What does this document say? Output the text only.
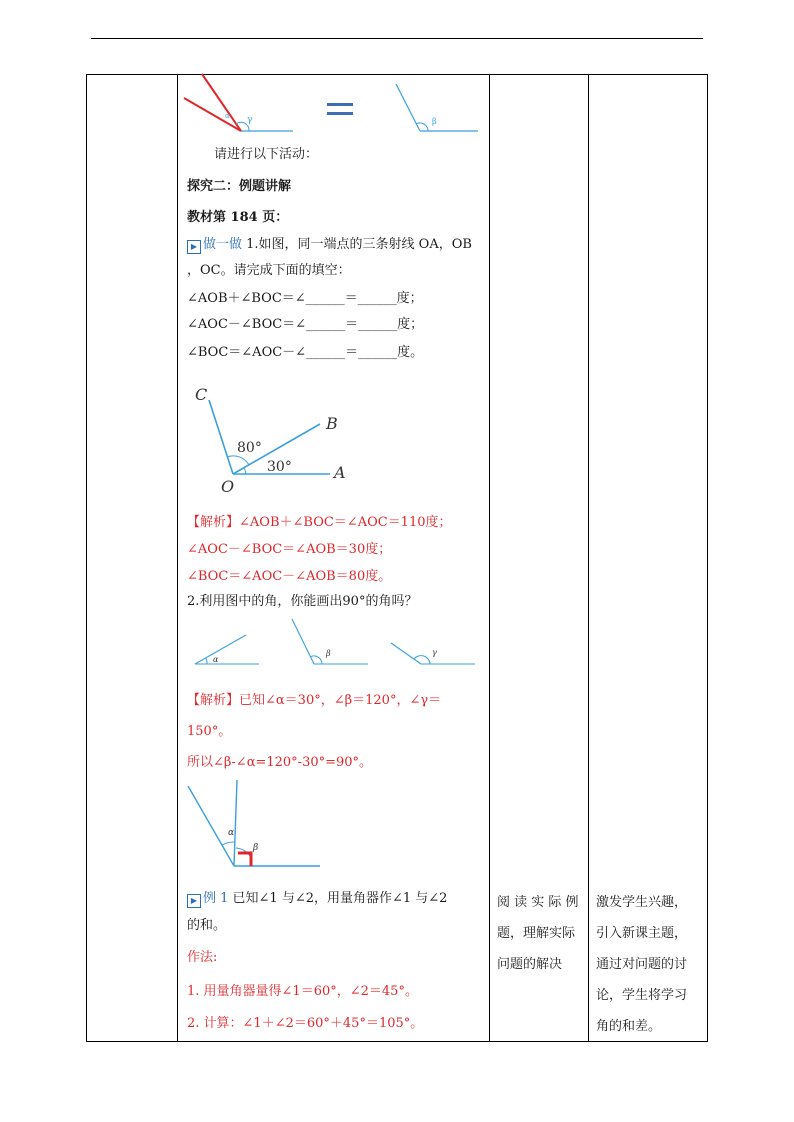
α γ	β
请进行以下活动：
探究二：例题讲解
教材第 184 页：
▶ 做一做 1.如图，同一端点的三条射线 OA，OB
，OC。请完成下面的填空：
∠AOB＋∠BOC＝∠______＝______度；
∠AOC－∠BOC＝∠______＝______度；
∠BOC＝∠AOC－∠______＝______度。
C
B
O
A
80°
30°
【解析】∠AOB＋∠BOC＝∠AOC＝110度；
∠AOC－∠BOC＝∠AOB＝30度；
∠BOC＝∠AOC－∠AOB＝80度。
2.利用图中的角，你能画出90°的角吗？
α
β	γ
【解析】已知∠α＝30°，∠β＝120°，∠γ＝
150°。
所以∠β-∠α=120°-30°=90°。
α
β
▶ 例 1 已知∠1 与∠2，用量角器作∠1 与∠2
的和。
作法:
1. 用量角器量得∠1＝60°，∠2＝45°。
2. 计算：∠1＋∠2＝60°＋45°＝105°。
阅 读 实 际 例
题，理解实际
问题的解决
激发学生兴趣，
引入新课主题，
通过对问题的讨
论，学生将学习
角的和差。
